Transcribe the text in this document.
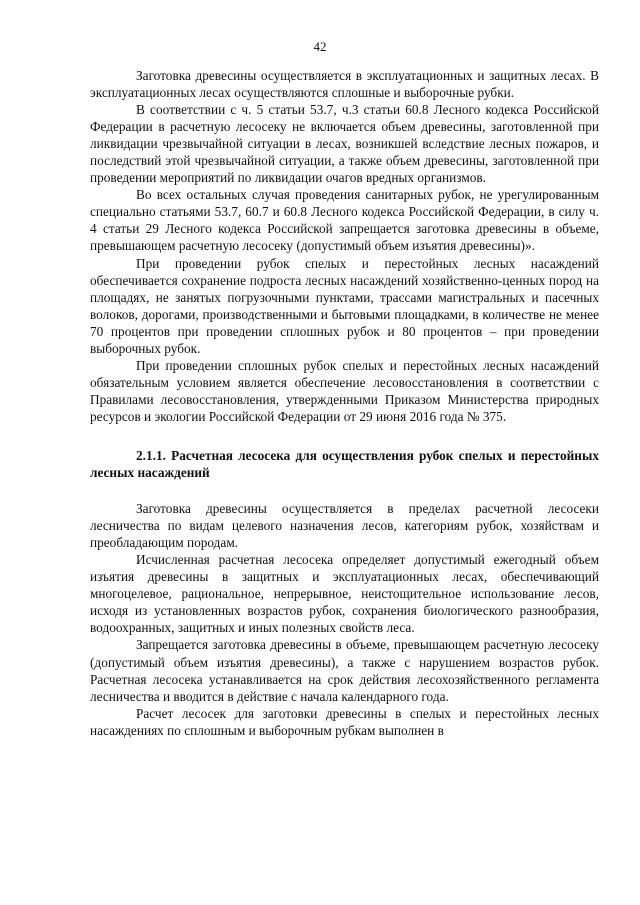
42

Заготовка древесины осуществляется в эксплуатационных и защитных лесах. В эксплуатационных лесах осуществляются сплошные и выборочные рубки.

В соответствии с ч. 5 статьи 53.7, ч.3 статьи 60.8 Лесного кодекса Российской Федерации в расчетную лесосеку не включается объем древесины, заготовленной при ликвидации чрезвычайной ситуации в лесах, возникшей вследствие лесных пожаров, и последствий этой чрезвычайной ситуации, а также объем древесины, заготовленной при проведении мероприятий по ликвидации очагов вредных организмов.

Во всех остальных случая проведения санитарных рубок, не урегулированным специально статьями 53.7, 60.7 и 60.8 Лесного кодекса Российской Федерации, в силу ч. 4 статьи 29 Лесного кодекса Российской запрещается заготовка древесины в объеме, превышающем расчетную лесосеку (допустимый объем изъятия древесины)».

При проведении рубок спелых и перестойных лесных насаждений обеспечивается сохранение подроста лесных насаждений хозяйственно-ценных пород на площадях, не занятых погрузочными пунктами, трассами магистральных и пасечных волоков, дорогами, производственными и бытовыми площадками, в количестве не менее 70 процентов при проведении сплошных рубок и 80 процентов – при проведении выборочных рубок.

При проведении сплошных рубок спелых и перестойных лесных насаждений обязательным условием является обеспечение лесовосстановления в соответствии с Правилами лесовосстановления, утвержденными Приказом Министерства природных ресурсов и экологии Российской Федерации от 29 июня 2016 года № 375.

2.1.1. Расчетная лесосека для осуществления рубок спелых и перестойных лесных насаждений

Заготовка древесины осуществляется в пределах расчетной лесосеки лесничества по видам целевого назначения лесов, категориям рубок, хозяйствам и преобладающим породам.

Исчисленная расчетная лесосека определяет допустимый ежегодный объем изъятия древесины в защитных и эксплуатационных лесах, обеспечивающий многоцелевое, рациональное, непрерывное, неистощительное использование лесов, исходя из установленных возрастов рубок, сохранения биологического разнообразия, водоохранных, защитных и иных полезных свойств леса.

Запрещается заготовка древесины в объеме, превышающем расчетную лесосеку (допустимый объем изъятия древесины), а также с нарушением возрастов рубок. Расчетная лесосека устанавливается на срок действия лесохозяйственного регламента лесничества и вводится в действие с начала календарного года.

Расчет лесосек для заготовки древесины в спелых и перестойных лесных насаждениях по сплошным и выборочным рубкам выполнен в
